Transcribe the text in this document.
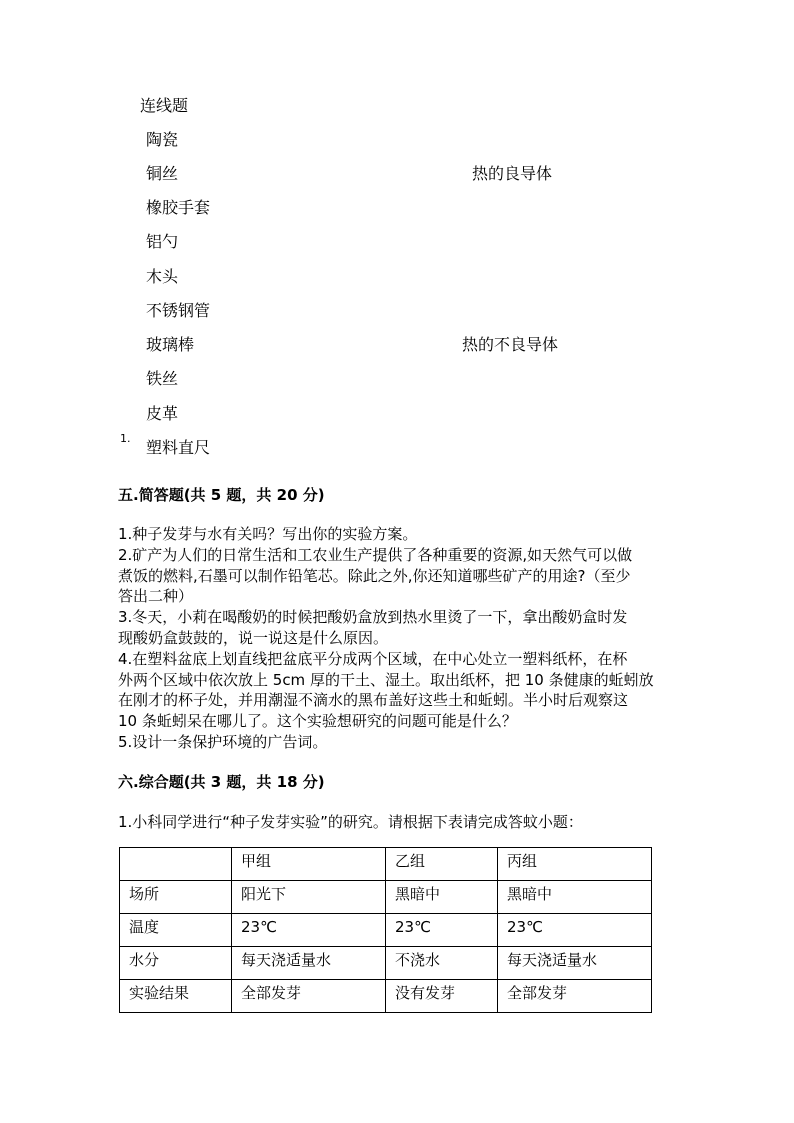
连线题
陶瓷
铜丝
橡胶手套
铝勺
木头
不锈钢管
玻璃棒
铁丝
皮革
塑料直尺
1.
热的良导体
热的不良导体
五.简答题(共 5 题，共 20 分)
1.种子发芽与水有关吗？写出你的实验方案。
2.矿产为人们的日常生活和工农业生产提供了各种重要的资源,如天然气可以做
煮饭的燃料,石墨可以制作铅笔芯。除此之外,你还知道哪些矿产的用途?（至少
答出二种）
3.冬天，小莉在喝酸奶的时候把酸奶盒放到热水里烫了一下，拿出酸奶盒时发
现酸奶盒鼓鼓的，说一说这是什么原因。
4.在塑料盆底上划直线把盆底平分成两个区域，在中心处立一塑料纸杯，在杯
外两个区域中依次放上 5cm 厚的干土、湿土。取出纸杯，把 10 条健康的蚯蚓放
在刚才的杯子处，并用潮湿不滴水的黑布盖好这些土和蚯蚓。半小时后观察这
10 条蚯蚓呆在哪儿了。这个实验想研究的问题可能是什么？
5.设计一条保护环境的广告词。
六.综合题(共 3 题，共 18 分)
1.小科同学进行“种子发芽实验”的研究。请根据下表请完成答蚊小题：
	甲组	乙组	丙组
场所	阳光下	黑暗中	黑暗中
温度	23℃	23℃	23℃
水分	每天浇适量水	不浇水	每天浇适量水
实验结果	全部发芽	没有发芽	全部发芽
